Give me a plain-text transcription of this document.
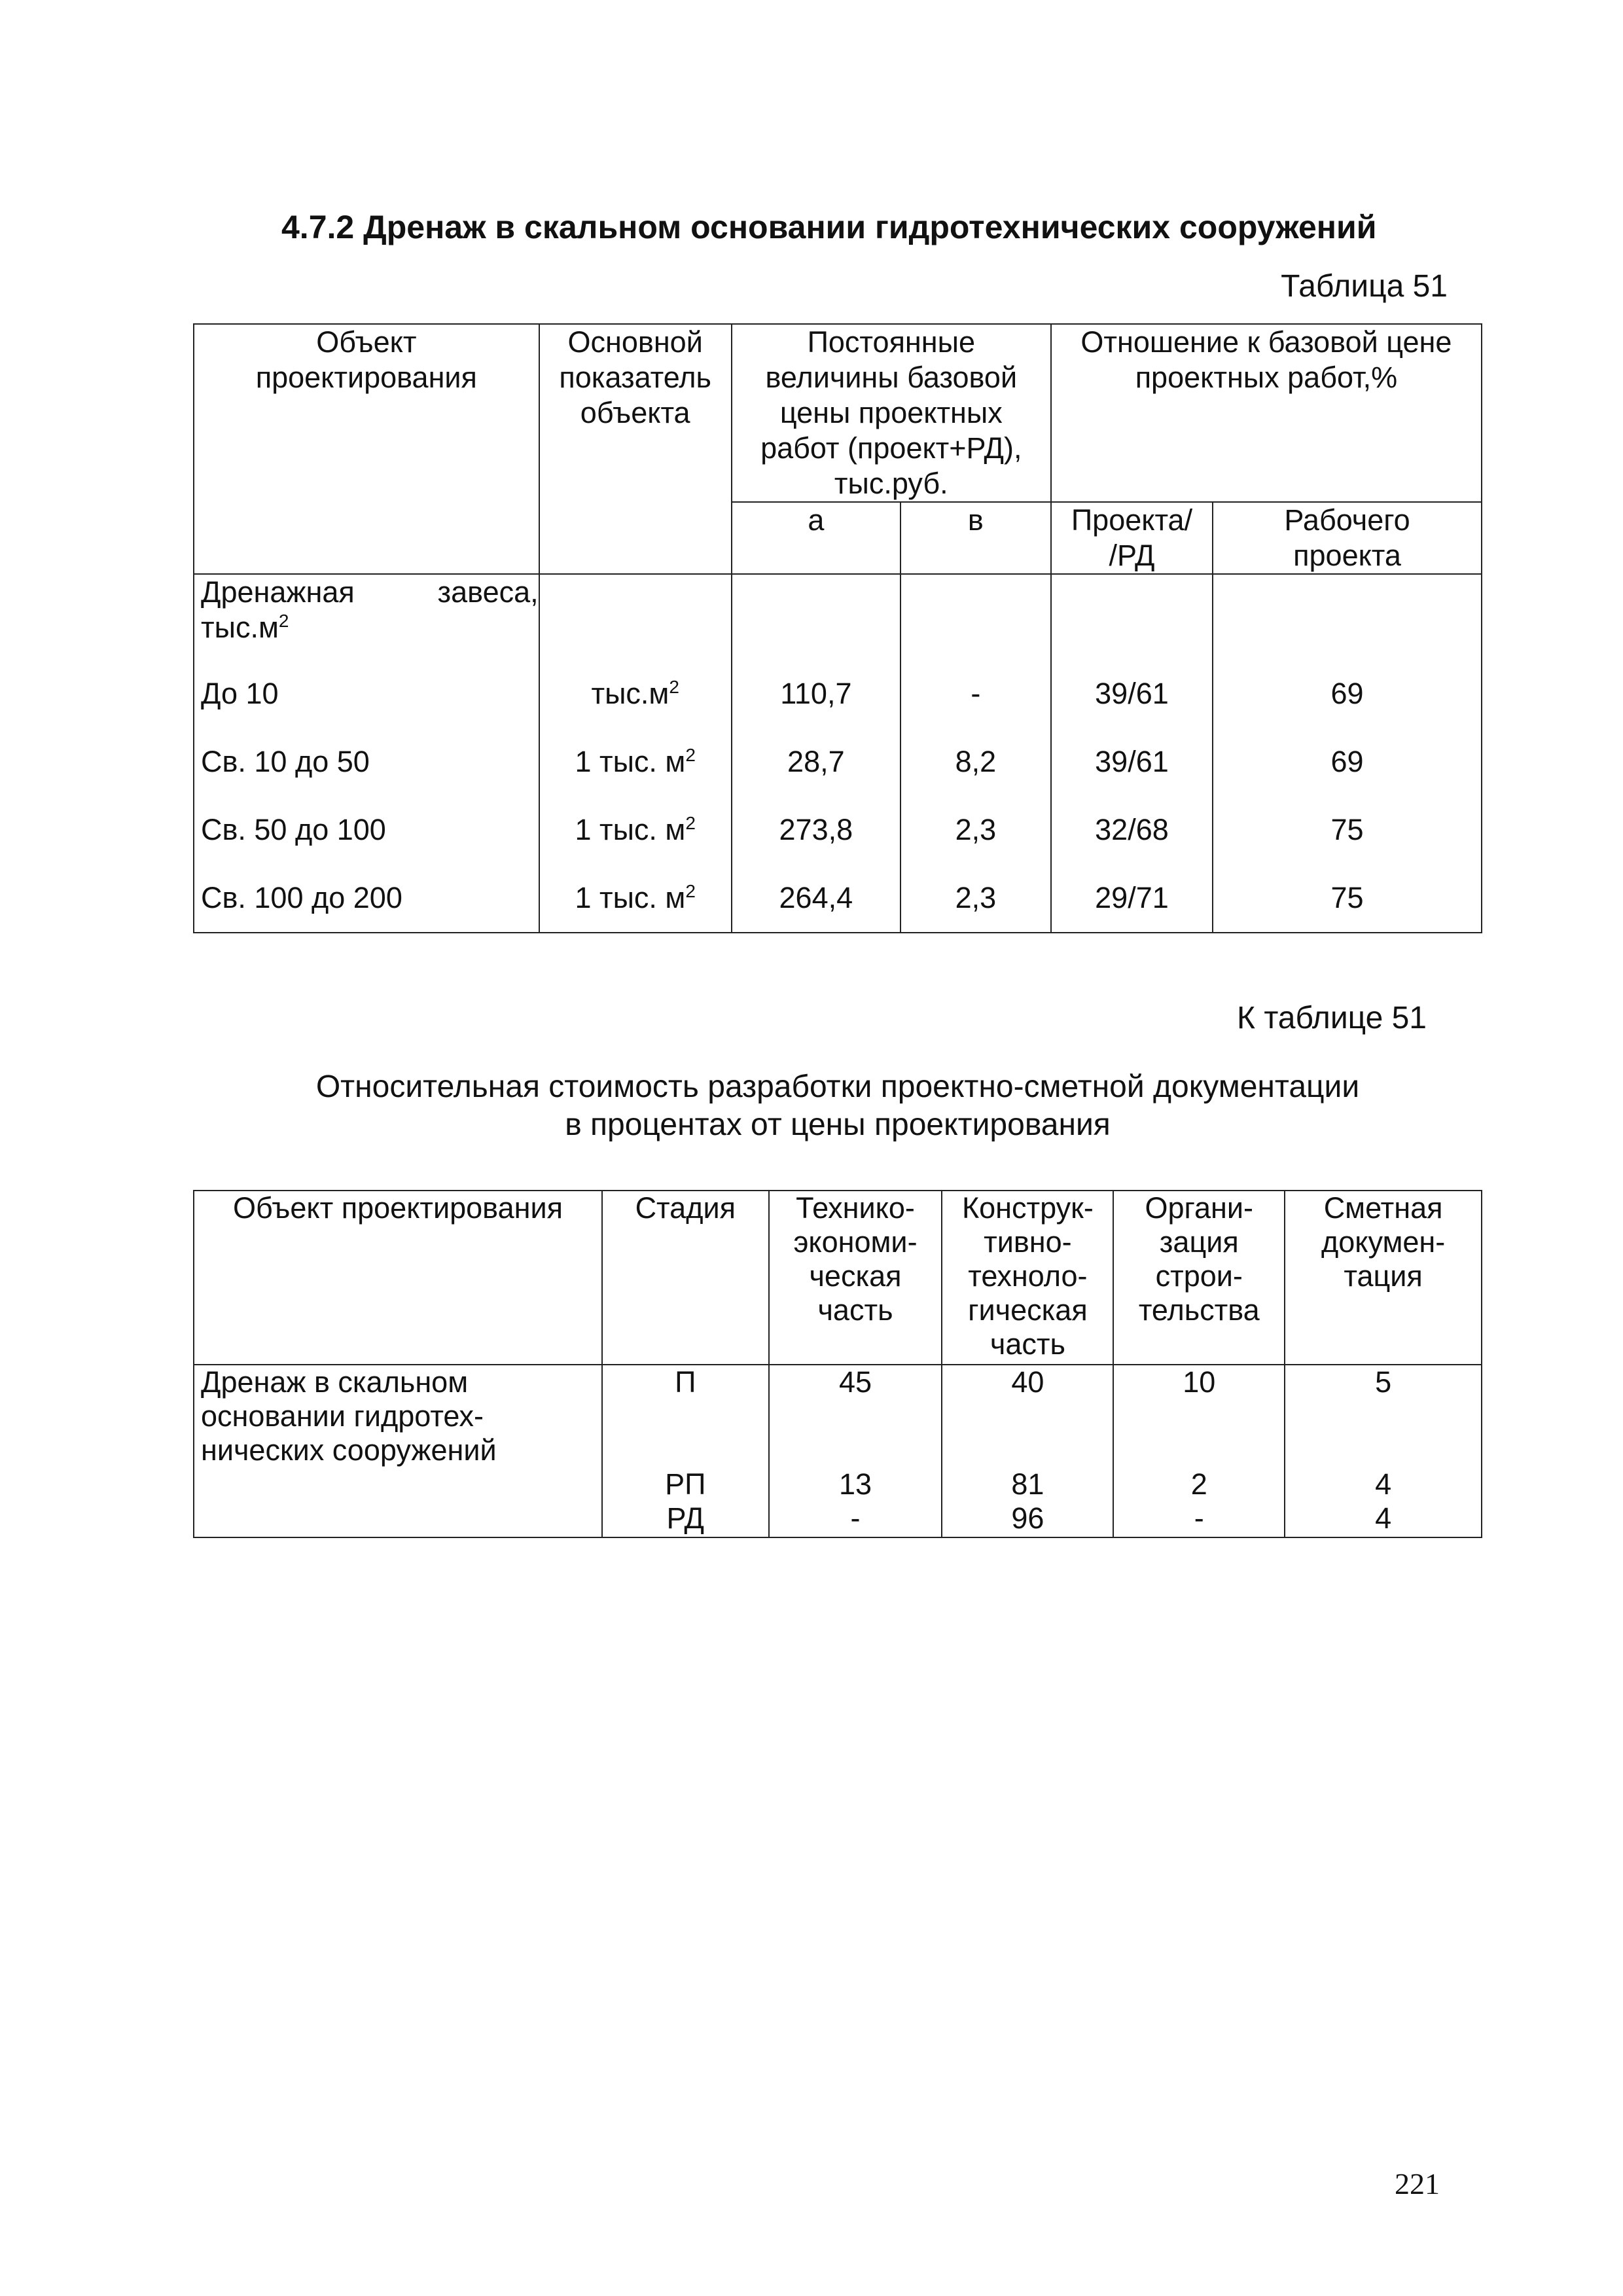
4.7.2 Дренаж в скальном основании гидротехнических сооружений
Таблица 51
Объект проектирования	Основной показатель объекта	Постоянные величины базовой цены проектных работ (проект+РД), тыс.руб.		Отношение к базовой цене проектных работ,%	
		а	в	Проекта/ /РД	Рабочего проекта
Дренажная завеса, $тыс.м^2$					
До 10	$тыс.м^2$	110,7	-	39/61	69
Св. 10 до 50	1 тыс. $м^2$	28,7	8,2	39/61	69
Св. 50 до 100	1 тыс. $м^2$	273,8	2,3	32/68	75
Св. 100 до 200	1 тыс. $м^2$	264,4	2,3	29/71	75
К таблице 51
Относительная стоимость разработки проектно-сметной документации
в процентах от цены проектирования
Объект проектирования	Стадия	Технико-экономи-ческая часть	Конструк-тивно-техноло-гическая часть	Органи-зация строи-тельства	Сметная докумен-тация
Дренаж в скальном основании гидротех-нических сооружений	П	45	40	10	5
	РП	13	81	2	4
	РД	-	96	-	4
221
